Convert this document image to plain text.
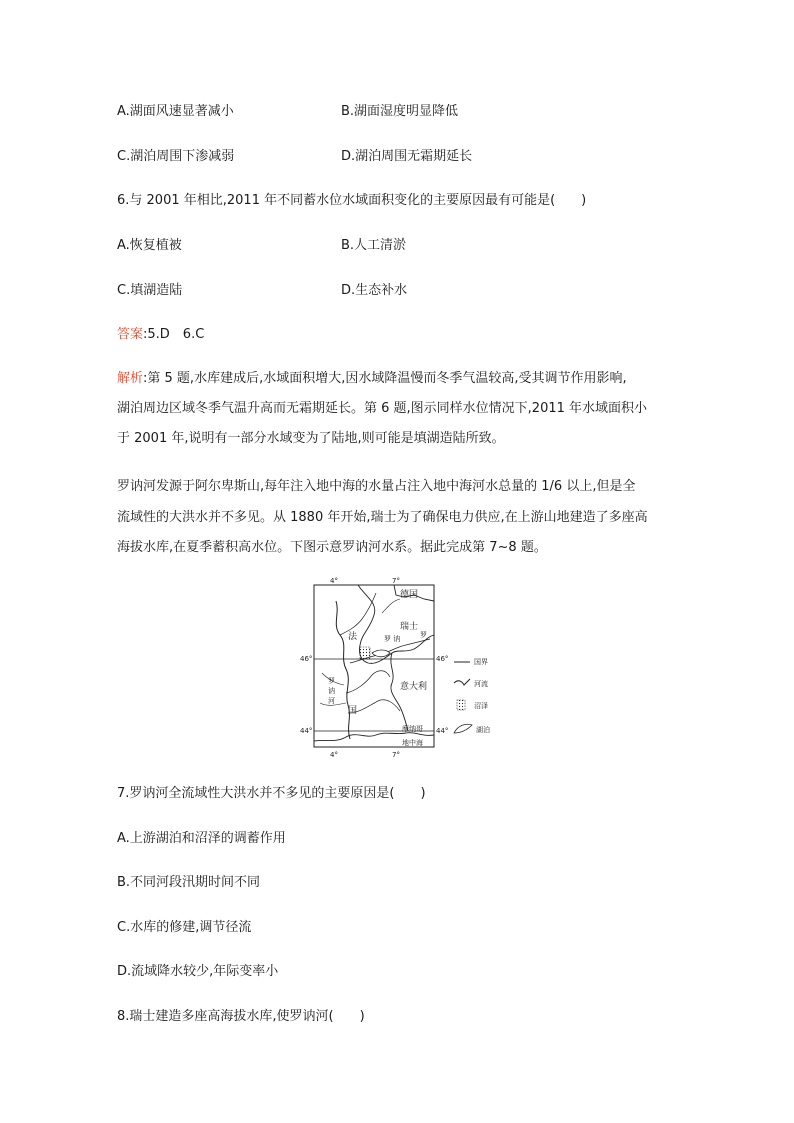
A.湖面风速显著减小	B.湖面湿度明显降低
C.湖泊周围下渗减弱	D.湖泊周围无霜期延长
6.与 2001 年相比,2011 年不同蓄水位水域面积变化的主要原因最有可能是(　　)
A.恢复植被	B.人工清淤
C.填湖造陆	D.生态补水
答案:5.D　6.C
解析:第 5 题,水库建成后,水域面积增大,因水域降温慢而冬季气温较高,受其调节作用影响,
湖泊周边区域冬季气温升高而无霜期延长。第 6 题,图示同样水位情况下,2011 年水域面积小
于 2001 年,说明有一部分水域变为了陆地,则可能是填湖造陆所致。
罗讷河发源于阿尔卑斯山,每年注入地中海的水量占注入地中海河水总量的 1/6 以上,但是全
流域性的大洪水并不多见。从 1880 年开始,瑞士为了确保电力供应,在上游山地建造了多座高
海拔水库,在夏季蓄积高水位。下图示意罗讷河水系。据此完成第 7~8 题。
4°	7°
4°	7°
46°	46°
44°	44°
德国
瑞士
法	罗 讷	罗
罗
讷
河
国
意大利
摩纳哥
地中海
国界
河流
沼泽
湖泊
7.罗讷河全流域性大洪水并不多见的主要原因是(　　)
A.上游湖泊和沼泽的调蓄作用
B.不同河段汛期时间不同
C.水库的修建,调节径流
D.流域降水较少,年际变率小
8.瑞士建造多座高海拔水库,使罗讷河(　　)
